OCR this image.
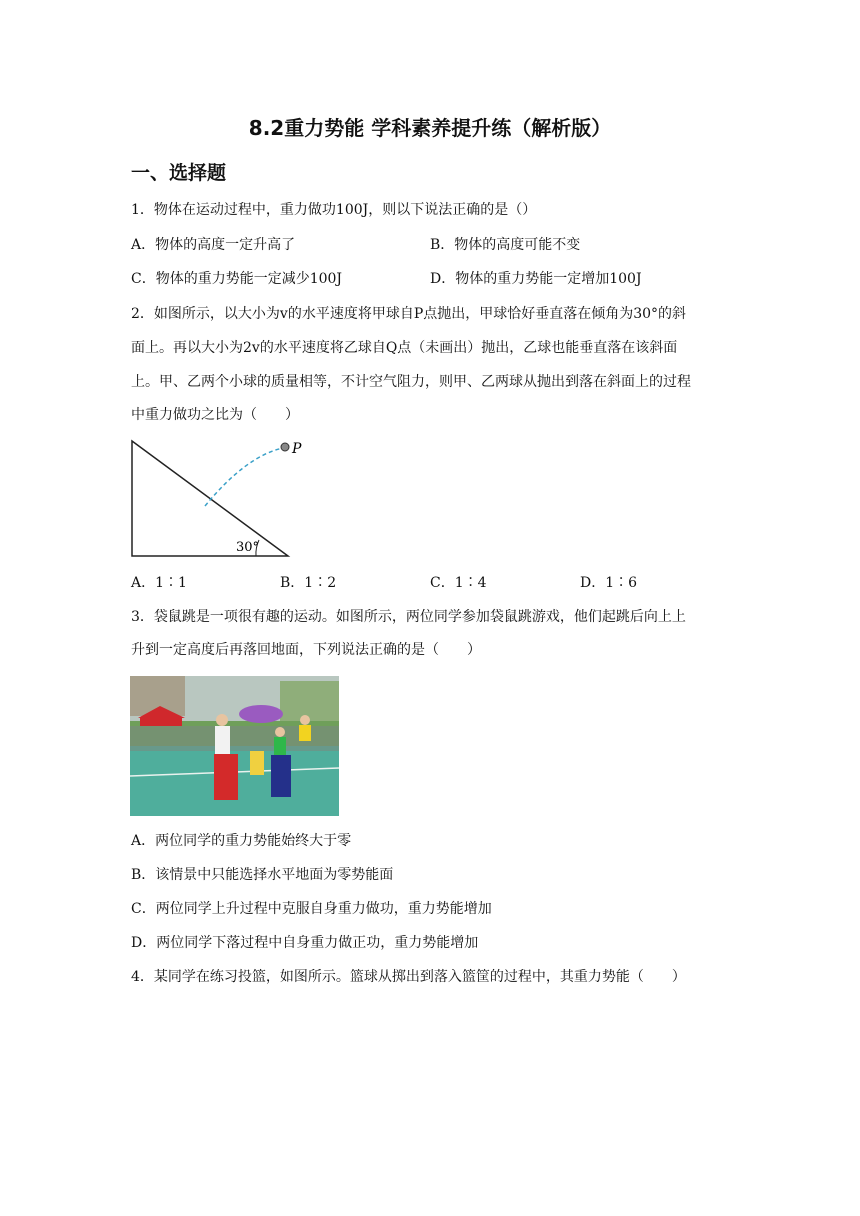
8.2重力势能 学科素养提升练（解析版）
一、选择题
1．物体在运动过程中，重力做功100J，则以下说法正确的是（）
A．物体的高度一定升高了	B．物体的高度可能不变
C．物体的重力势能一定减少100J	D．物体的重力势能一定增加100J
2．如图所示，以大小为v的水平速度将甲球自P点抛出，甲球恰好垂直落在倾角为30°的斜
面上。再以大小为2v的水平速度将乙球自Q点（未画出）抛出，乙球也能垂直落在该斜面
上。甲、乙两个小球的质量相等，不计空气阻力，则甲、乙两球从抛出到落在斜面上的过程
中重力做功之比为（　　）
P
30°
A．1∶1	B．1∶2	C．1∶4	D．1∶6
3．袋鼠跳是一项很有趣的运动。如图所示，两位同学参加袋鼠跳游戏，他们起跳后向上上
升到一定高度后再落回地面，下列说法正确的是（　　）
A．两位同学的重力势能始终大于零
B．该情景中只能选择水平地面为零势能面
C．两位同学上升过程中克服自身重力做功，重力势能增加
D．两位同学下落过程中自身重力做正功，重力势能增加
4．某同学在练习投篮，如图所示。篮球从掷出到落入篮筐的过程中，其重力势能（　　）
